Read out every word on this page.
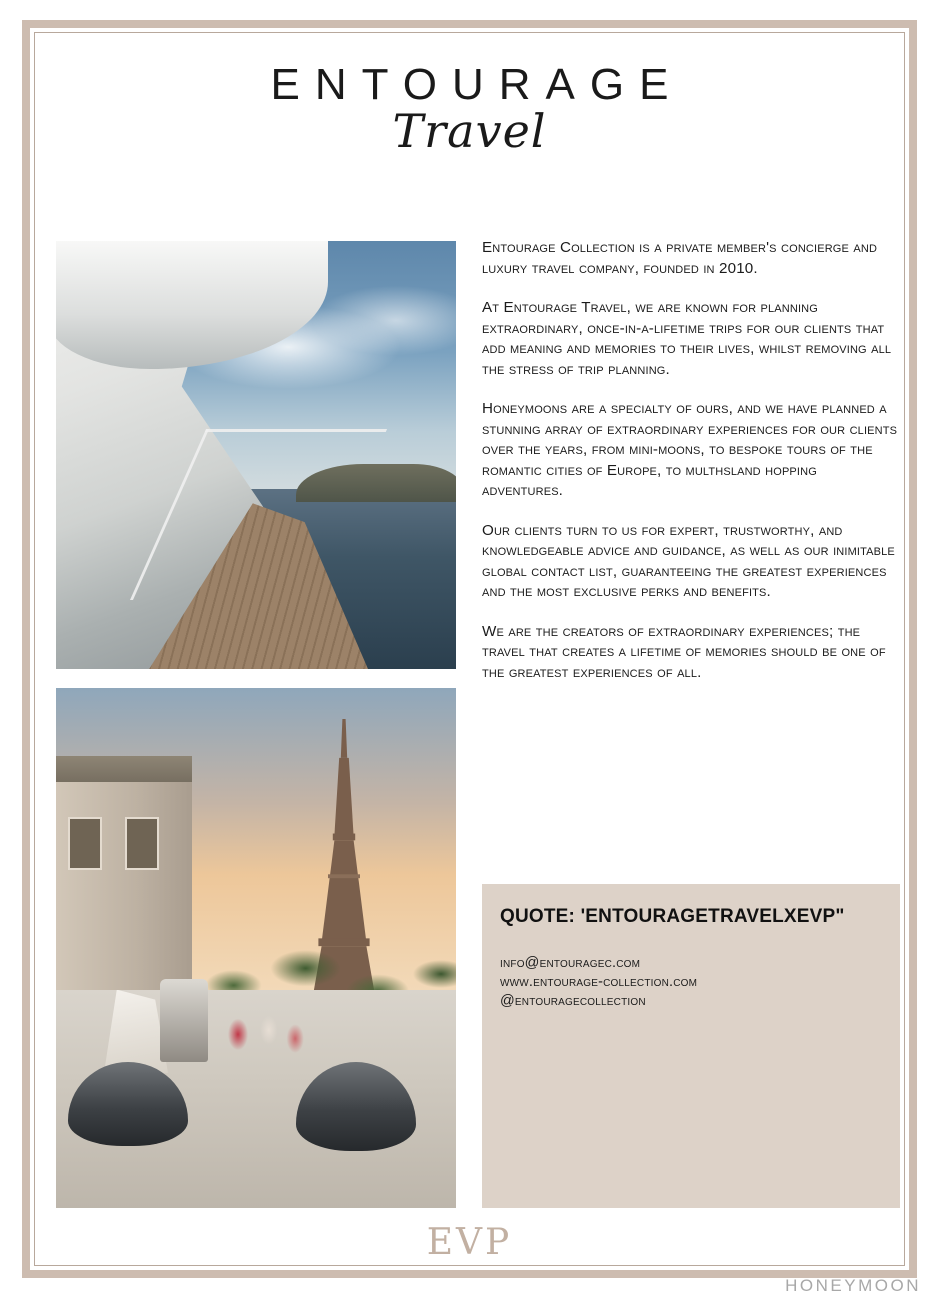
ENTOURAGE
Travel

Entourage Collection is a private member's concierge and luxury travel company, founded in 2010.

At Entourage Travel, we are known for planning extraordinary, once-in-a-lifetime trips for our clients that add meaning and memories to their lives, whilst removing all the stress of trip planning.

Honeymoons are a specialty of ours, and we have planned a stunning array of extraordinary experiences for our clients over the years, from mini-moons, to bespoke tours of the romantic cities of Europe, to multhsland hopping adventures.

Our clients turn to us for expert, trustworthy, and knowledgeable advice and guidance, as well as our inimitable global contact list, guaranteeing the greatest experiences and the most exclusive perks and benefits.

We are the creators of extraordinary experiences; the travel that creates a lifetime of memories should be one of the greatest experiences of all.

QUOTE: 'ENTOURAGETRAVELXEVP"
info@entouragec.com
www.entourage-collection.com
@entouragecollection
EVP
HONEYMOON
